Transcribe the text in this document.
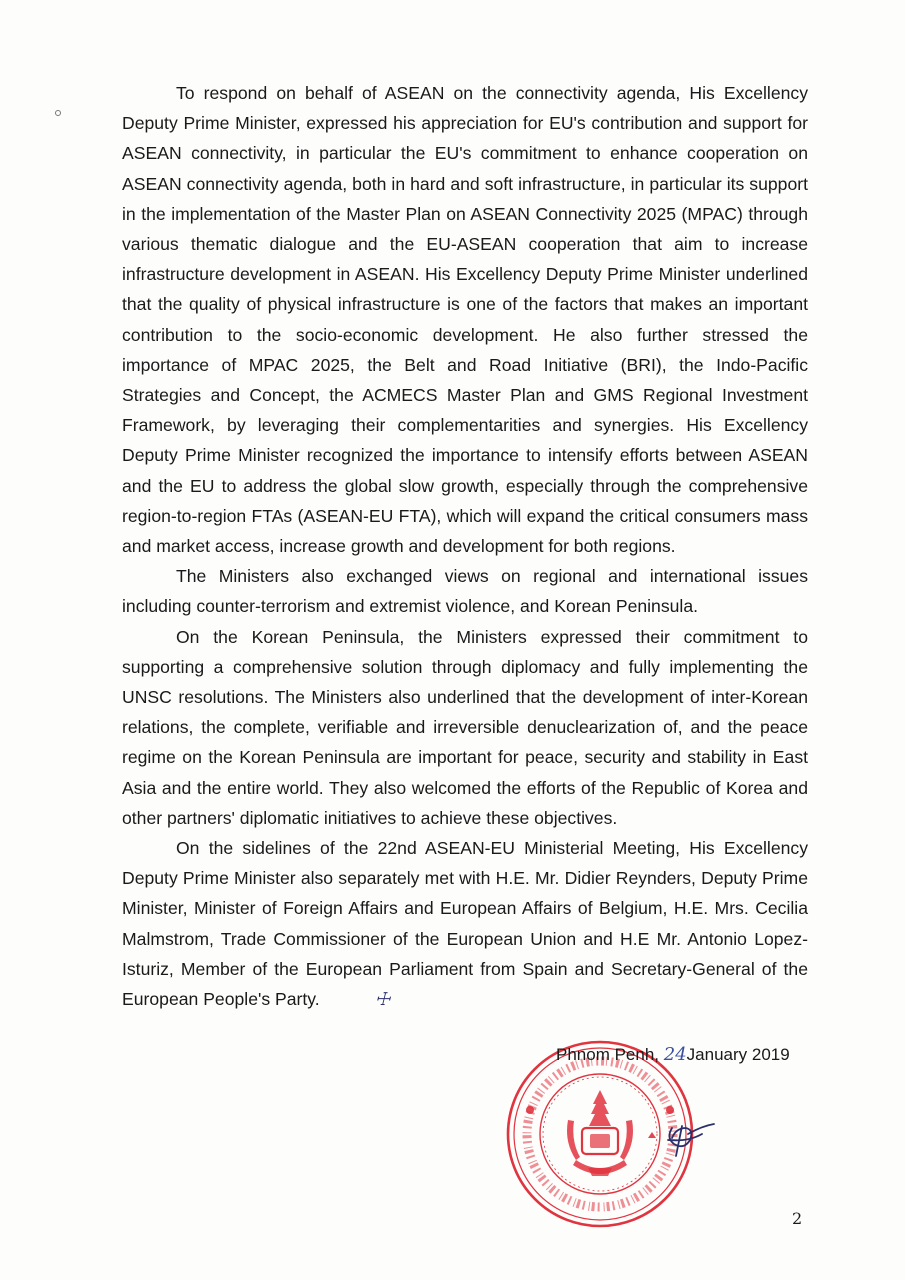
To respond on behalf of ASEAN on the connectivity agenda, His Excellency Deputy Prime Minister, expressed his appreciation for EU's contribution and support for ASEAN connectivity, in particular the EU's commitment to enhance cooperation on ASEAN connectivity agenda, both in hard and soft infrastructure, in particular its support in the implementation of the Master Plan on ASEAN Connectivity 2025 (MPAC) through various thematic dialogue and the EU-ASEAN cooperation that aim to increase infrastructure development in ASEAN. His Excellency Deputy Prime Minister underlined that the quality of physical infrastructure is one of the factors that makes an important contribution to the socio-economic development. He also further stressed the importance of MPAC 2025, the Belt and Road Initiative (BRI), the Indo-Pacific Strategies and Concept, the ACMECS Master Plan and GMS Regional Investment Framework, by leveraging their complementarities and synergies. His Excellency Deputy Prime Minister recognized the importance to intensify efforts between ASEAN and the EU to address the global slow growth, especially through the comprehensive region-to-region FTAs (ASEAN-EU FTA), which will expand the critical consumers mass and market access, increase growth and development for both regions.

The Ministers also exchanged views on regional and international issues including counter-terrorism and extremist violence, and Korean Peninsula.

On the Korean Peninsula, the Ministers expressed their commitment to supporting a comprehensive solution through diplomacy and fully implementing the UNSC resolutions. The Ministers also underlined that the development of inter-Korean relations, the complete, verifiable and irreversible denuclearization of, and the peace regime on the Korean Peninsula are important for peace, security and stability in East Asia and the entire world. They also welcomed the efforts of the Republic of Korea and other partners' diplomatic initiatives to achieve these objectives.

On the sidelines of the 22nd ASEAN-EU Ministerial Meeting, His Excellency Deputy Prime Minister also separately met with H.E. Mr. Didier Reynders, Deputy Prime Minister, Minister of Foreign Affairs and European Affairs of Belgium, H.E. Mrs. Cecilia Malmstrom, Trade Commissioner of the European Union and H.E Mr. Antonio Lopez-Isturiz, Member of the European Parliament from Spain and Secretary-General of the European People's Party.	☩

Phnom Penh, 24January 2019
2
